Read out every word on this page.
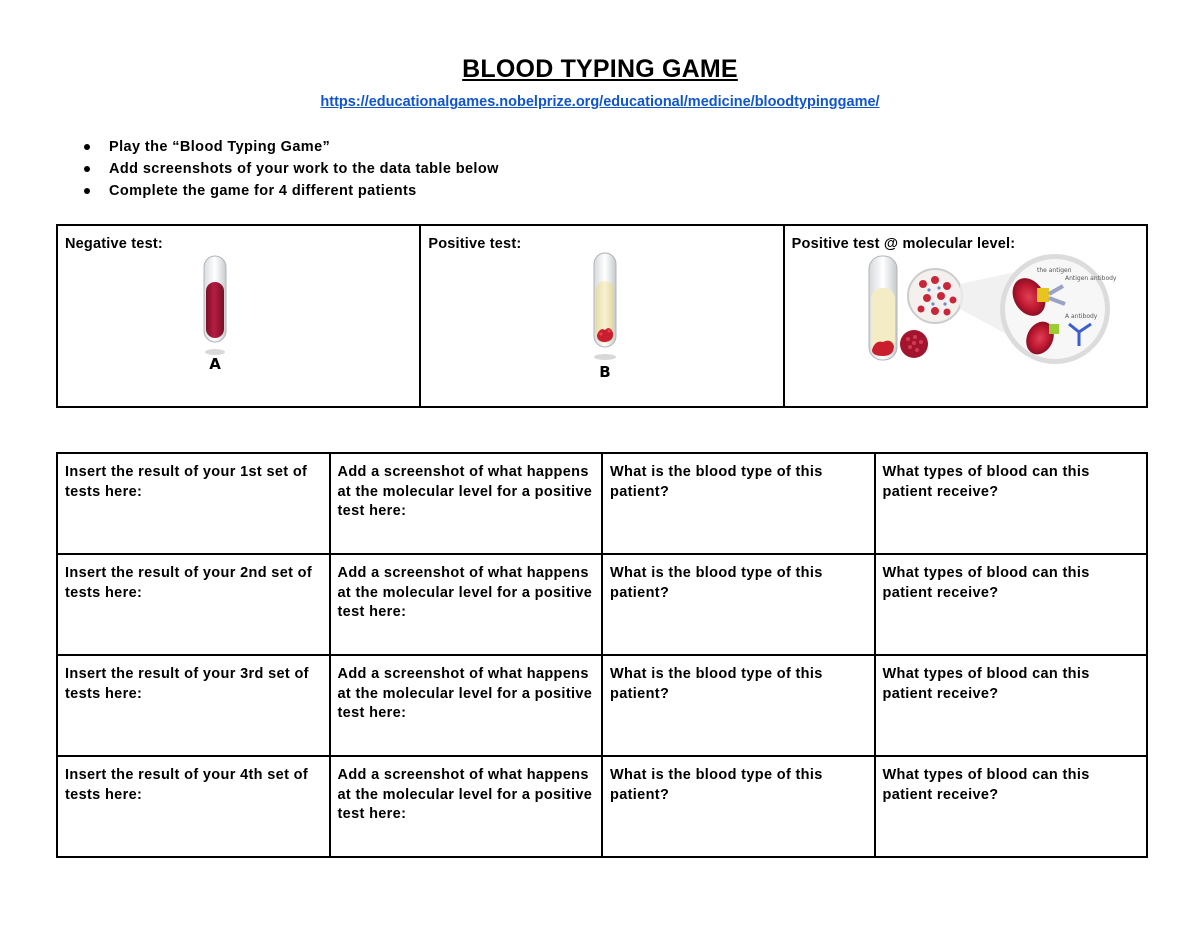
BLOOD TYPING GAME
https://educationalgames.nobelprize.org/educational/medicine/bloodtypinggame/
Play the “Blood Typing Game”
Add screenshots of your work to the data table below
Complete the game for 4 different patients
Negative test:
A

Positive test:
B

Positive test @ molecular level:
the antigen
Antigen antibody
A antibody
Insert the result of your 1st set of tests here:	Add a screenshot of what happens at the molecular level for a positive test here:	What is the blood type of this patient?	What types of blood can this patient receive?
Insert the result of your 2nd set of tests here:	Add a screenshot of what happens at the molecular level for a positive test here:	What is the blood type of this patient?	What types of blood can this patient receive?
Insert the result of your 3rd set of tests here:	Add a screenshot of what happens at the molecular level for a positive test here:	What is the blood type of this patient?	What types of blood can this patient receive?
Insert the result of your 4th set of tests here:	Add a screenshot of what happens at the molecular level for a positive test here:	What is the blood type of this patient?	What types of blood can this patient receive?
